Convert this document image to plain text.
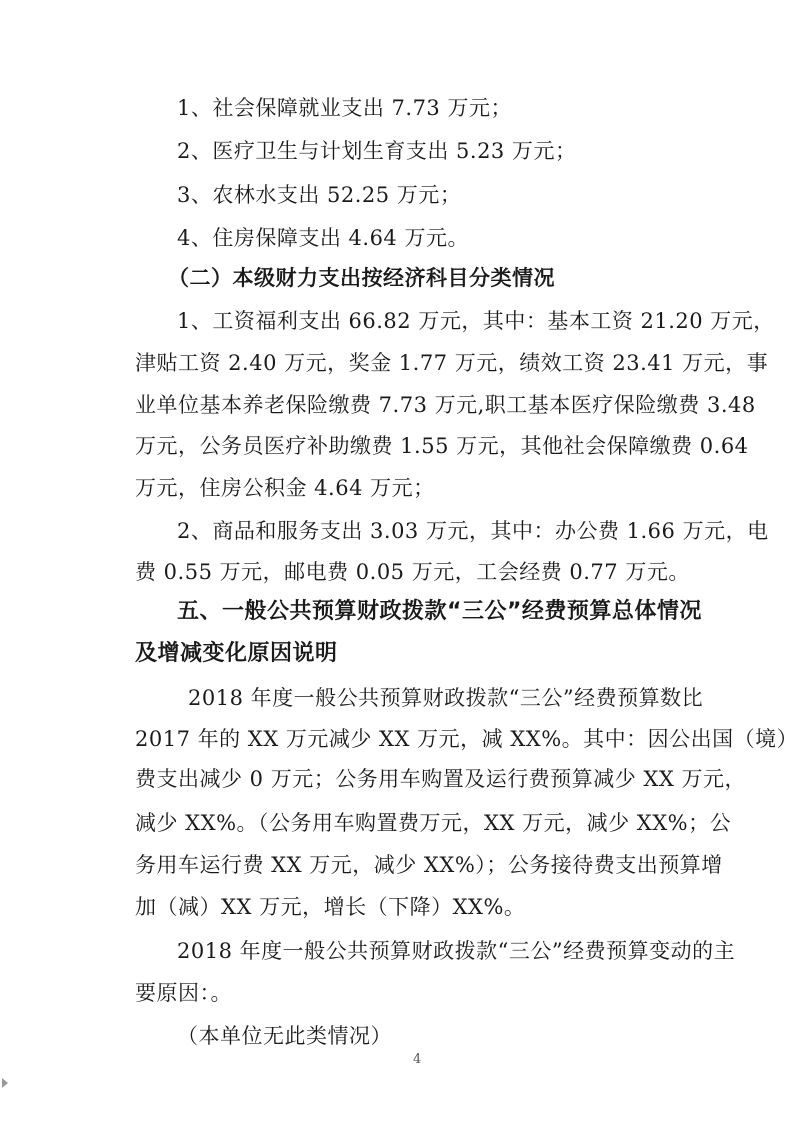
1、社会保障就业支出 7.73 万元；
2、医疗卫生与计划生育支出 5.23 万元；
3、农林水支出 52.25 万元；
4、住房保障支出 4.64 万元。
（二）本级财力支出按经济科目分类情况
1、工资福利支出 66.82 万元，其中：基本工资 21.20 万元，
津贴工资 2.40 万元，奖金 1.77 万元，绩效工资 23.41 万元，事
业单位基本养老保险缴费 7.73 万元,职工基本医疗保险缴费 3.48
万元，公务员医疗补助缴费 1.55 万元，其他社会保障缴费 0.64
万元，住房公积金 4.64 万元；
2、商品和服务支出 3.03 万元，其中：办公费 1.66 万元，电
费 0.55 万元，邮电费 0.05 万元，工会经费 0.77 万元。
五、一般公共预算财政拨款“三公”经费预算总体情况
及增减变化原因说明
2018 年度一般公共预算财政拨款“三公”经费预算数比
2017 年的 XX 万元减少 XX 万元，减 XX%。其中：因公出国（境）
费支出减少 0 万元；公务用车购置及运行费预算减少 XX 万元，
减少 XX%。（公务用车购置费万元，XX 万元，减少 XX%；公
务用车运行费 XX 万元，减少 XX%）；公务接待费支出预算增
加（减）XX 万元，增长（下降）XX%。
2018 年度一般公共预算财政拨款“三公”经费预算变动的主
要原因：。
（本单位无此类情况）
4
